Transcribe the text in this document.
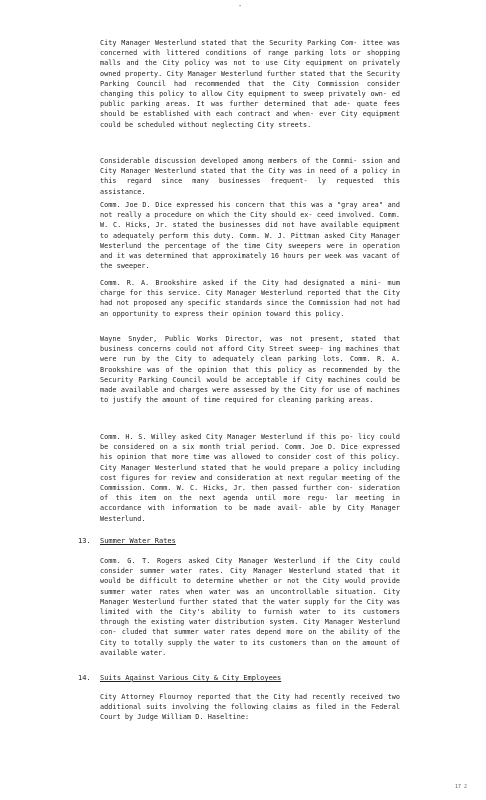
-
City Manager Westerlund stated that the Security Parking Com- ittee was concerned with littered conditions of range parking lots or shopping malls and the City policy was not to use City equipment on privately owned property. City Manager Westerlund further stated that the Security Parking Council had recommended that the City Commission consider changing this policy to allow City equipment to sweep privately own- ed public parking areas. It was further determined that ade- quate fees should be established with each contract and when- ever City equipment could be scheduled without neglecting City streets.
Considerable discussion developed among members of the Commi- ssion and City Manager Westerlund stated that the City was in need of a policy in this regard since many businesses frequent- ly requested this assistance.
Comm. Joe D. Dice expressed his concern that this was a "gray area" and not really a procedure on which the City should ex- ceed involved. Comm. W. C. Hicks, Jr. stated the businesses did not have available equipment to adequately perform this duty. Comm. W. J. Pittman asked City Manager Westerlund the percentage of the time City sweepers were in operation and it was determined that approximately 16 hours per week was vacant of the sweeper.
Comm. R. A. Brookshire asked if the City had designated a mini- mum charge for this service. City Manager Westerlund reported that the City had not proposed any specific standards since the Commission had not had an opportunity to express their opinion toward this policy.
Wayne Snyder, Public Works Director, was not present, stated that business concerns could not afford City Street sweep- ing machines that were run by the City to adequately clean parking lots. Comm. R. A. Brookshire was of the opinion that this policy as recommended by the Security Parking Council would be acceptable if City machines could be made available and charges were assessed by the City for use of machines to justify the amount of time required for cleaning parking areas.
Comm. H. S. Willey asked City Manager Westerlund if this po- licy could be considered on a six month trial period. Comm. Joe D. Dice expressed his opinion that more time was allowed to consider cost of this policy. City Manager Westerlund stated that he would prepare a policy including cost figures for review and consideration at next regular meeting of the Commission. Comm. W. C. Hicks, Jr. then passed further con- sideration of this item on the next agenda until more regu- lar meeting in accordance with information to be made avail- able by City Manager Westerlund.
13. Summer Water Rates
Comm. G. T. Rogers asked City Manager Westerlund if the City could consider summer water rates. City Manager Westerlund stated that it would be difficult to determine whether or not the City would provide summer water rates when water was an uncontrollable situation. City Manager Westerlund further stated that the water supply for the City was limited with the City's ability to furnish water to its customers through the existing water distribution system. City Manager Westerlund con- cluded that summer water rates depend more on the ability of the City to totally supply the water to its customers than on the amount of available water.
14. Suits Against Various City & City Employees
City Attorney Flournoy reported that the City had recently received two additional suits involving the following claims as filed in the Federal Court by Judge William D. Haseltine:
17 2
